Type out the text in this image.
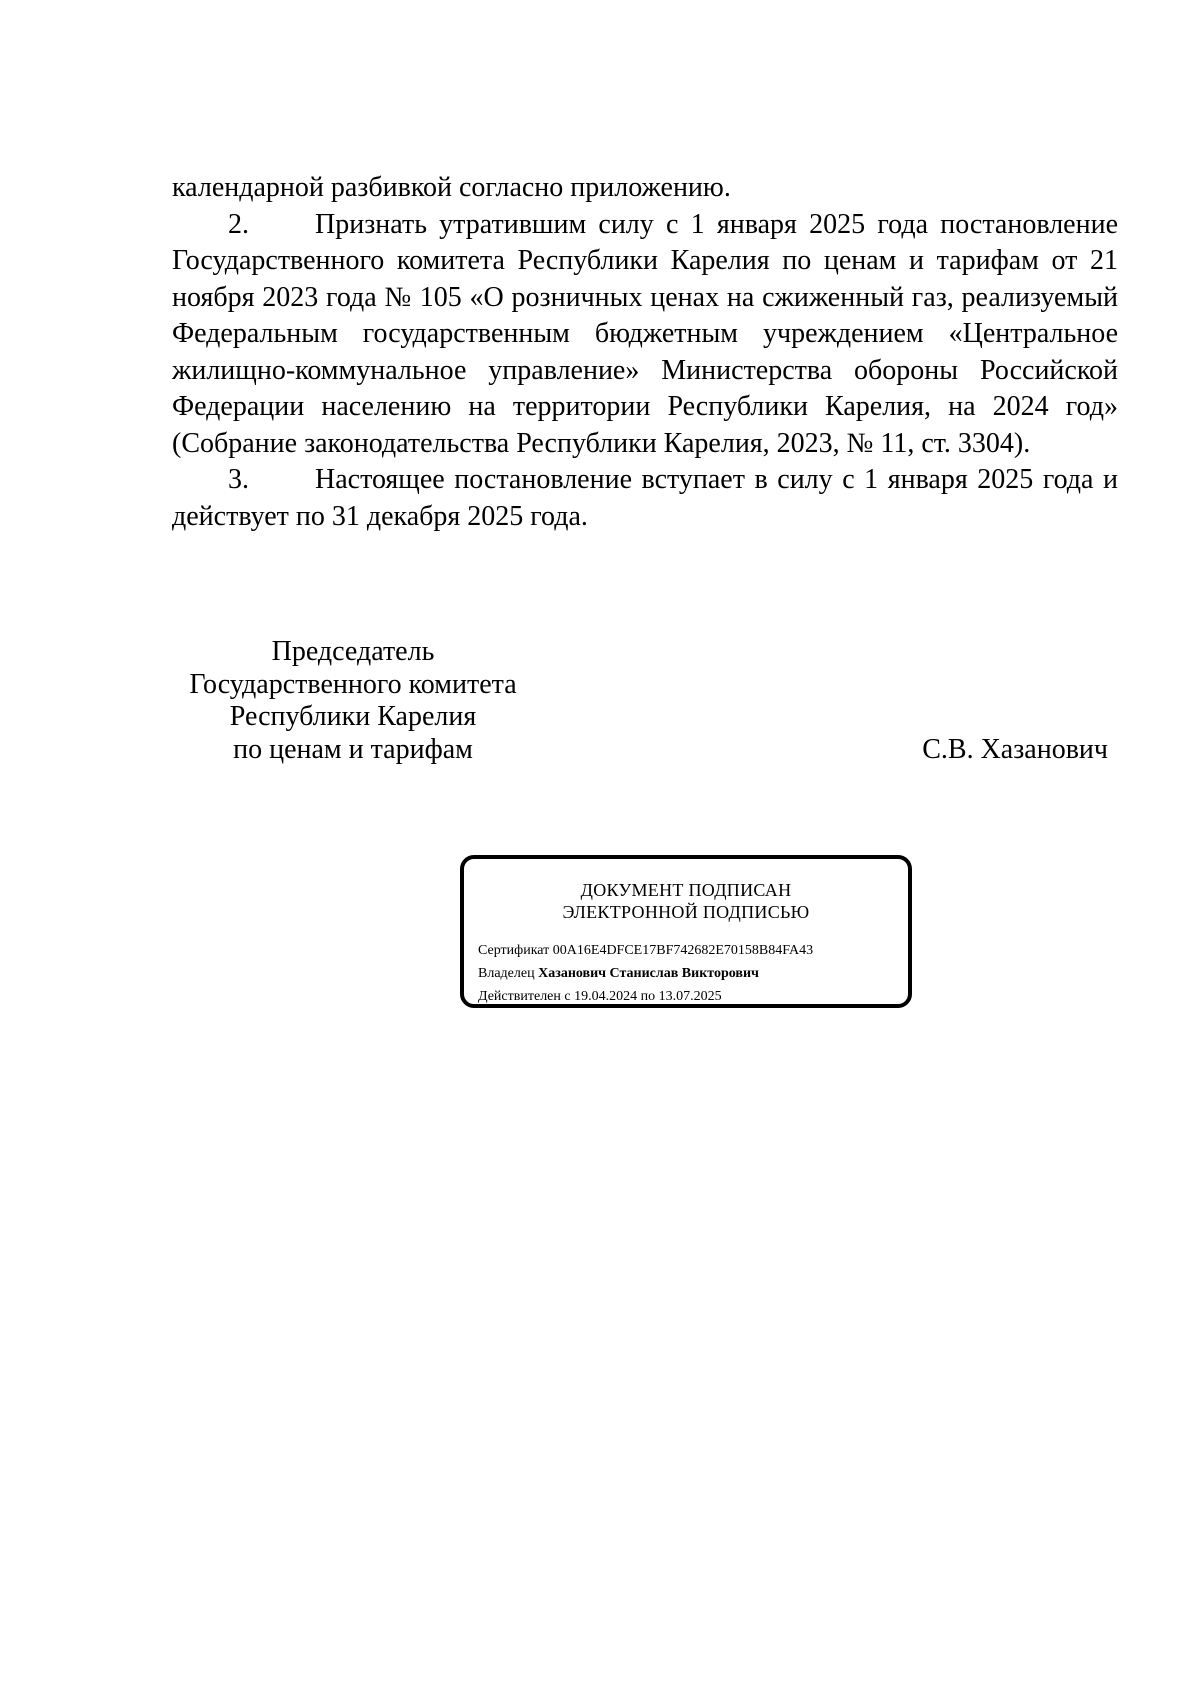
календарной разбивкой согласно приложению.

2. Признать утратившим силу с 1 января 2025 года постановление Государственного комитета Республики Карелия по ценам и тарифам от 21 ноября 2023 года № 105 «О розничных ценах на сжиженный газ, реализуемый Федеральным государственным бюджетным учреждением «Центральное жилищно-коммунальное управление» Министерства обороны Российской Федерации населению на территории Республики Карелия, на 2024 год» (Собрание законодательства Республики Карелия, 2023, № 11, ст. 3304).

3. Настоящее постановление вступает в силу с 1 января 2025 года и действует по 31 декабря 2025 года.

Председатель
Государственного комитета
Республики Карелия
по ценам и тарифам	С.В. Хазанович
ДОКУМЕНТ ПОДПИСАН
ЭЛЕКТРОННОЙ ПОДПИСЬЮ
Сертификат 00A16E4DFCE17BF742682E70158B84FA43
Владелец Хазанович Станислав Викторович
Действителен с 19.04.2024 по 13.07.2025
